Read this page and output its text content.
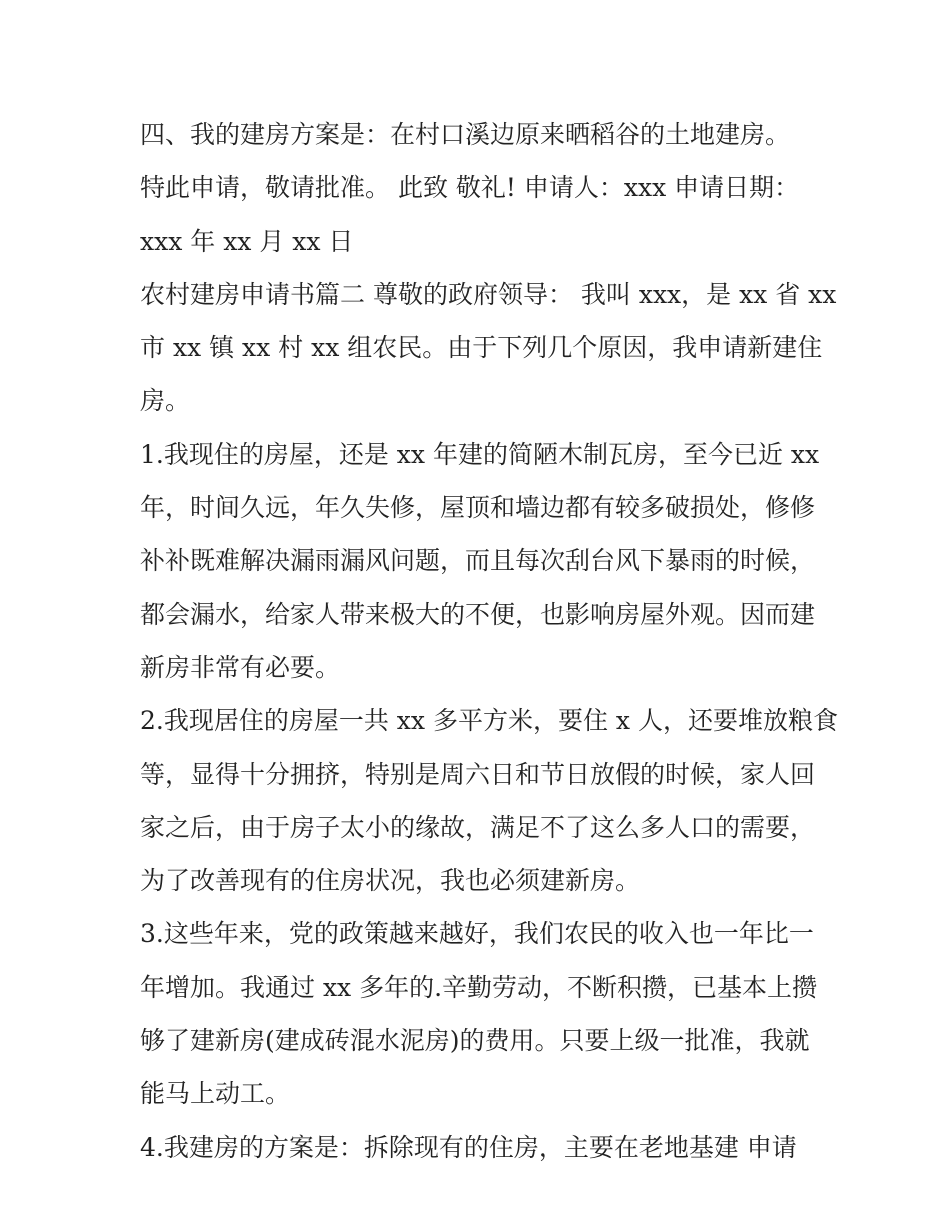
四、我的建房方案是：在村口溪边原来晒稻谷的土地建房。
特此申请，敬请批准。 此致 敬礼! 申请人：xxx 申请日期：
xxx 年 xx 月 xx 日
农村建房申请书篇二 尊敬的政府领导： 我叫 xxx，是 xx 省 xx
市 xx 镇 xx 村 xx 组农民。由于下列几个原因，我申请新建住
房。
1.我现住的房屋，还是 xx 年建的简陋木制瓦房，至今已近 xx
年，时间久远，年久失修，屋顶和墙边都有较多破损处，修修
补补既难解决漏雨漏风问题，而且每次刮台风下暴雨的时候，
都会漏水，给家人带来极大的不便，也影响房屋外观。因而建
新房非常有必要。
2.我现居住的房屋一共 xx 多平方米，要住 x 人，还要堆放粮食
等，显得十分拥挤，特别是周六日和节日放假的时候，家人回
家之后，由于房子太小的缘故，满足不了这么多人口的需要，
为了改善现有的住房状况，我也必须建新房。
3.这些年来，党的政策越来越好，我们农民的收入也一年比一
年增加。我通过 xx 多年的.辛勤劳动，不断积攒，已基本上攒
够了建新房(建成砖混水泥房)的费用。只要上级一批准，我就
能马上动工。
4.我建房的方案是：拆除现有的住房，主要在老地基建 申请
